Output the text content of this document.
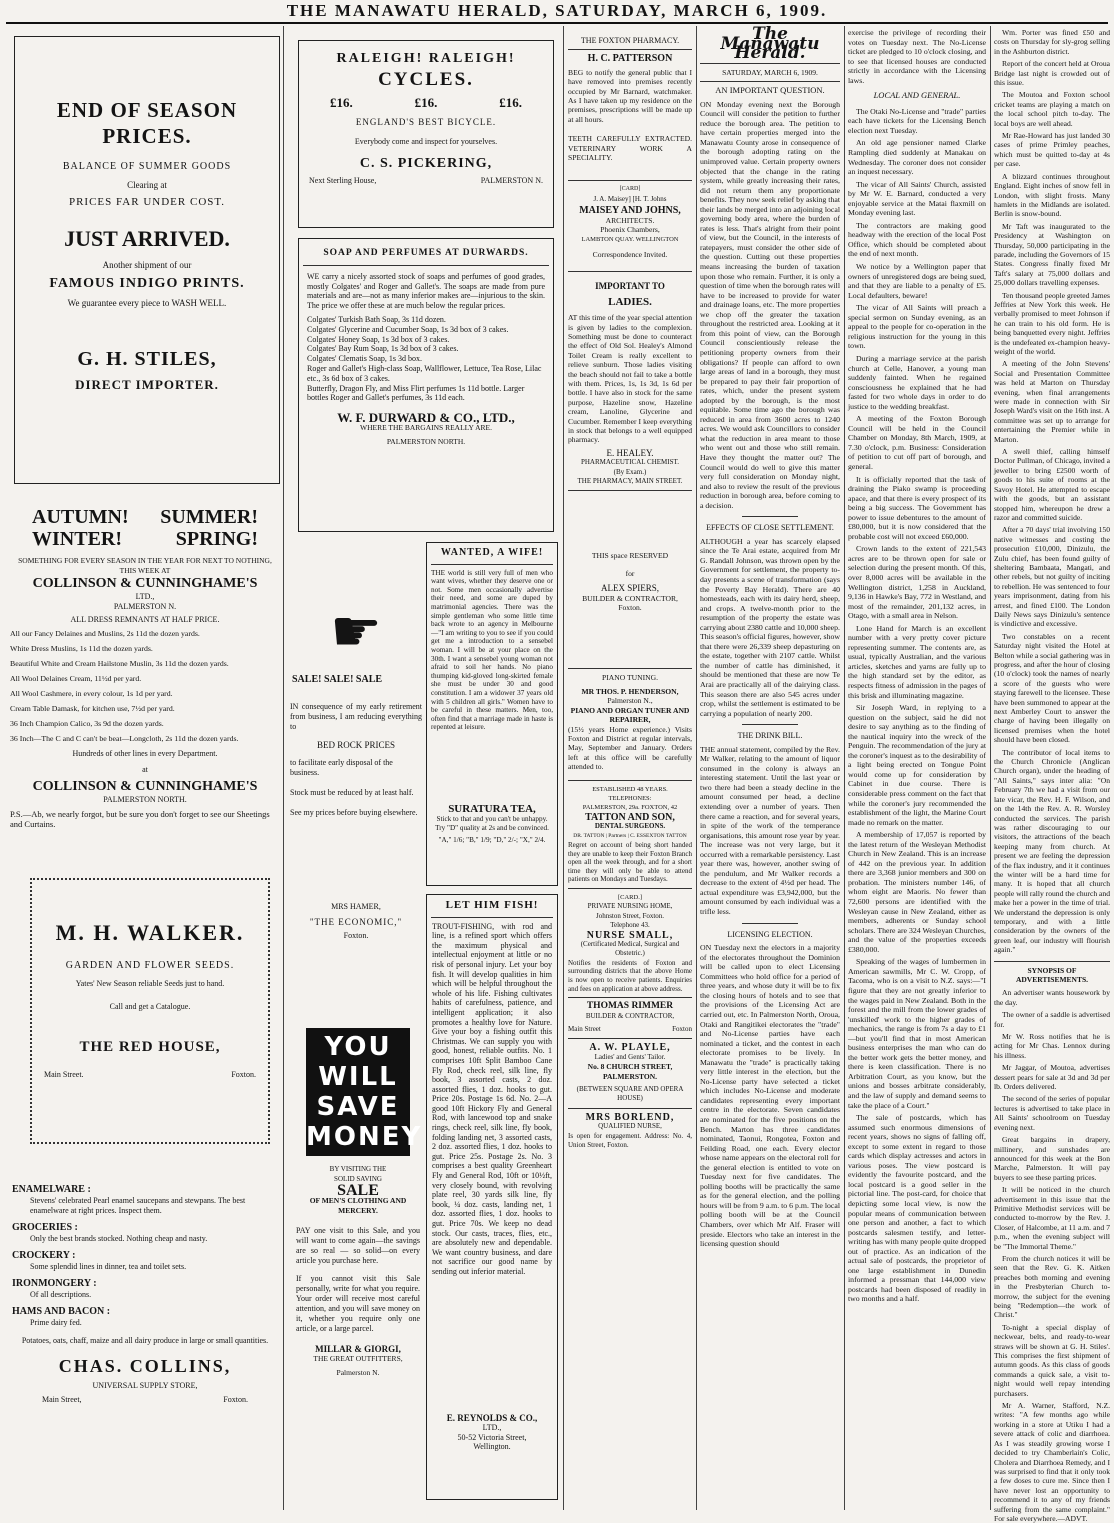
THE MANAWATU HERALD, SATURDAY, MARCH 6, 1909.
END OF SEASON PRICES.
BALANCE OF SUMMER GOODS
Clearing at
PRICES FAR UNDER COST.
JUST ARRIVED.
Another shipment of our
FAMOUS INDIGO PRINTS.
We guarantee every piece to WASH WELL.
G. H. STILES,
DIRECT IMPORTER.
AUTUMN! SUMMER!
WINTER!	SPRING!
SOMETHING FOR EVERY SEASON IN THE YEAR FOR NEXT TO NOTHING, THIS WEEK AT
COLLINSON & CUNNINGHAME'S
LTD.,
PALMERSTON N.
ALL DRESS REMNANTS AT HALF PRICE.

All our Fancy Delaines and Muslins, 2s 11d the dozen yards.

White Dress Muslins, 1s 11d the dozen yards.

Beautiful White and Cream Hailstone Muslin, 3s 11d the dozen yards.

All Wool Delaines Cream, 11½d per yard.

All Wool Cashmere, in every colour, 1s 1d per yard.

Cream Table Damask, for kitchen use, 7½d per yard.

36 Inch Champion Calico, 3s 9d the dozen yards.

36 Inch—The C and C can't be beat—Longcloth, 2s 11d the dozen yards.

Hundreds of other lines in every Department.
at
COLLINSON & CUNNINGHAME'S
PALMERSTON NORTH.
P.S.—Ab, we nearly forgot, but be sure you don't forget to see our Sheetings and Curtains.
M. H. WALKER.
GARDEN AND FLOWER SEEDS.
Yates' New Season reliable Seeds just to hand.
Call and get a Catalogue.
THE RED HOUSE,
Main Street.	Foxton.
ENAMELWARE :
Stevens' celebrated Pearl enamel saucepans and stewpans. The best enamelware at right prices. Inspect them.
GROCERIES :
Only the best brands stocked. Nothing cheap and nasty.
CROCKERY :
Some splendid lines in dinner, tea and toilet sets.
IRONMONGERY :
Of all descriptions.
HAMS AND BACON :
Prime dairy fed.
Potatoes, oats, chaff, maize and all dairy produce in large or small quantities.
CHAS. COLLINS,
UNIVERSAL SUPPLY STORE,
Main Street,	Foxton.
RALEIGH! RALEIGH!
CYCLES.
£16.	£16.	£16.
ENGLAND'S BEST BICYCLE.
Everybody come and inspect for yourselves.
C. S. PICKERING,
Next Sterling House,	PALMERSTON N.
SOAP AND PERFUMES AT DURWARDS.
WE carry a nicely assorted stock of soaps and perfumes of good grades, mostly Colgates' and Roger and Gallet's. The soaps are made from pure materials and are—not as many inferior makes are—injurious to the skin. The price we offer these at are much below the regular prices.

Colgates' Turkish Bath Soap, 3s 11d dozen.

Colgates' Glycerine and Cucumber Soap, 1s 3d box of 3 cakes.

Colgates' Honey Soap, 1s 3d box of 3 cakes.

Colgates' Bay Rum Soap, 1s 3d box of 3 cakes.

Colgates' Clematis Soap, 1s 3d box.

Roger and Gallet's High-class Soap, Wallflower, Lettuce, Tea Rose, Lilac etc., 3s 6d box of 3 cakes.

Butterfly, Dragon Fly, and Miss Flirt perfumes 1s 11d bottle. Larger bottles Roger and Gallet's perfumes, 3s 11d each.

W. F. DURWARD & CO., LTD.,
WHERE THE BARGAINS REALLY ARE.
PALMERSTON NORTH.
☛
SALE! SALE! SALE
IN consequence of my early retirement from business, I am reducing everything to
BED ROCK PRICES
to facilitate early disposal of the business.
Stock must be reduced by at least half.
See my prices before buying elsewhere.
MRS HAMER,
"THE ECONOMIC,"
Foxton.
YOU
WILL
SAVE
MONEY
BY VISITING THE
SOLID SAVING
SALE
OF MEN'S CLOTHING AND MERCERY.
PAY one visit to this Sale, and you will want to come again—the savings are so real — so solid—on every article you purchase here.
If you cannot visit this Sale personally, write for what you require. Your order will receive most careful attention, and you will save money on it, whether you require only one article, or a large parcel.
MILLAR & GIORGI,
THE GREAT OUTFITTERS,
Palmerston N.
WANTED, A WIFE!
THE world is still very full of men who want wives, whether they deserve one or not. Some men occasionally advertise their need, and some are duped by matrimonial agencies. There was the simple gentleman who some little time back wrote to an agency in Melbourne—"I am writing to you to see if you could get me a introduction to a sensebel woman. I will be at your place on the 30th. I want a sensebel young woman not afraid to soil her hands. No piano thumping kid-gloved long-skirted female she must be under 30 and good constitution. I am a widower 37 years old with 5 children all girls." Women have to be careful in these matters. Men, too, often find that a marriage made in haste is repented at leisure.
SURATURA TEA,
Stick to that and you can't be unhappy. Try "D" quality at 2s and be convinced.
"A," 1/6; "B," 1/9; "D," 2/-; "X," 2/4.
LET HIM FISH!
TROUT-FISHING, with rod and line, is a refined sport which offers the maximum physical and intellectual enjoyment at little or no risk of personal injury. Let your boy fish. It will develop qualities in him which will be helpful throughout the whole of his life. Fishing cultivates habits of carefulness, patience, and intelligent application; it also promotes a healthy love for Nature. Give your boy a fishing outfit this Christmas. We can supply you with good, honest, reliable outfits. No. 1 comprises 10ft Split Bamboo Cane Fly Rod, check reel, silk line, fly book, 3 assorted casts, 2 doz. assorted flies, 1 doz. hooks to gut. Price 20s. Postage 1s 6d. No. 2—A good 10ft Hickory Fly and General Rod, with lancewood top and snake rings, check reel, silk line, fly book, folding landing net, 3 assorted casts, 2 doz. assorted flies, 1 doz. hooks to gut. Price 25s. Postage 2s. No. 3 comprises a best quality Greenheart Fly and General Rod, 10ft or 10½ft, very closely bound, with revolving plate reel, 30 yards silk line, fly book, ¼ doz. casts, landing net, 1 doz. assorted flies, 1 doz. hooks to gut. Price 70s. We keep no dead stock. Our casts, traces, flies, etc., are absolutely new and dependable. We want country business, and dare not sacrifice our good name by sending out inferior material.
E. REYNOLDS & CO.,
LTD.,
50-52 Victoria Street,
Wellington.
THE FOXTON PHARMACY.
H. C. PATTERSON

BEG to notify the general public that I have removed into premises recently occupied by Mr Barnard, watchmaker. As I have taken up my residence on the premises, prescriptions will be made up at all hours.

TEETH CAREFULLY EXTRACTED. VETERINARY WORK A SPECIALITY.

[CARD]
J. A. Maisey] [H. T. Johns
MAISEY AND JOHNS,
ARCHITECTS.
Phoenix Chambers,
LAMBTON QUAY. WELLINGTON
Correspondence Invited.
IMPORTANT TO
LADIES.

AT this time of the year special attention is given by ladies to the complexion. Something must be done to counteract the effect of Old Sol. Healey's Almond Toilet Cream is really excellent to relieve sunburn. Those ladies visiting the beach should not fail to take a bottle with them. Prices, 1s, 1s 3d, 1s 6d per bottle. I have also in stock for the same purpose, Hazeline snow, Hazeline cream, Lanoline, Glycerine and Cucumber. Remember I keep everything in stock that belongs to a well equipped pharmacy.

E. HEALEY.
PHARMACEUTICAL CHEMIST.
(By Exam.)
THE PHARMACY, MAIN STREET.
THIS space RESERVED
for
ALEX SPIERS,
BUILDER & CONTRACTOR,
Foxton.
PIANO TUNING.
MR THOS. P. HENDERSON,
Palmerston N.,
PIANO AND ORGAN TUNER AND REPAIRER,

(15½ years Home experience.) Visits Foxton and District at regular intervals, May, September and January. Orders left at this office will be carefully attended to.

ESTABLISHED 48 YEARS.
TELEPHONES:
PALMERSTON, 29a. FOXTON, 42
TATTON AND SON,
DENTAL SURGEONS.
DR. TATTON | Partners | C. ESSEXTON TATTON

Regret on account of being short handed they are unable to keep their Foxton Branch open all the week through, and for a short time they will only be able to attend patients on Mondays and Tuesdays.

[CARD.]
PRIVATE NURSING HOME,
Johnston Street, Foxton.
Telephone 43.
NURSE SMALL,
(Certificated Medical, Surgical and Obstetric.)

Notifies the residents of Foxton and surrounding districts that the above Home is now open to receive patients. Enquiries and fees on application at above address.

THOMAS RIMMER
BUILDER & CONTRACTOR,
Main Street	Foxton
A. W. PLAYLE,
Ladies' and Gents' Tailor.
No. 8 CHURCH STREET, PALMERSTON.
(BETWEEN SQUARE AND OPERA HOUSE)
MRS BORLEND,
QUALIFIED NURSE,

Is open for engagement. Address: No. 4, Union Street, Foxton.

The Manawatu Herald.
SATURDAY, MARCH 6, 1909.
AN IMPORTANT QUESTION.

ON Monday evening next the Borough Council will consider the petition to further reduce the borough area. The petition to have certain properties merged into the Manawatu County arose in consequence of the borough adopting rating on the unimproved value. Certain property owners objected that the change in the rating system, while greatly increasing their rates, did not return them any proportionate benefits. They now seek relief by asking that their lands be merged into an adjoining local governing body area, where the burden of rates is less. That's alright from their point of view, but the Council, in the interests of ratepayers, must consider the other side of the question. Cutting out these properties means increasing the burden of taxation upon those who remain. Further, it is only a question of time when the borough rates will have to be increased to provide for water and drainage loans, etc. The more properties we chop off the greater the taxation throughout the restricted area. Looking at it from this point of view, can the Borough Council conscientiously release the petitioning property owners from their obligations? If people can afford to own large areas of land in a borough, they must be prepared to pay their fair proportion of rates, which, under the present system adopted by the borough, is the most equitable. Some time ago the borough was reduced in area from 3600 acres to 1240 acres. We would ask Councillors to consider what the reduction in area meant to those who went out and those who still remain. Have they thought the matter out? The Council would do well to give this matter very full consideration on Monday night, and also to review the result of the previous reduction in borough area, before coming to a decision.

EFFECTS OF CLOSE SETTLEMENT.

ALTHOUGH a year has scarcely elapsed since the Te Arai estate, acquired from Mr G. Randall Johnson, was thrown open by the Government for settlement, the property to-day presents a scene of transformation (says the Poverty Bay Herald). There are 40 homesteads, each with its dairy herd, sheep, and crops. A twelve-month prior to the resumption of the property the estate was carrying about 2380 cattle and 10,000 sheep. This season's official figures, however, show that there were 26,339 sheep depasturing on the estate, together with 2107 cattle. Whilst the number of cattle has diminished, it should be mentioned that these are now Te Arai are practically all of the dairying class. This season there are also 545 acres under crop, whilst the settlement is estimated to be carrying a population of nearly 200.

THE DRINK BILL.

THE annual statement, compiled by the Rev. Mr Walker, relating to the amount of liquor consumed in the colony is always an interesting statement. Until the last year or two there had been a steady decline in the amount consumed per head, a decline extending over a number of years. Then there came a reaction, and for several years, in spite of the work of the temperance organisations, this amount rose year by year. The increase was not very large, but it occurred with a remarkable persistency. Last year there was, however, another swing of the pendulum, and Mr Walker records a decrease to the extent of 4½d per head. The actual expenditure was £3,942,000, but the amount consumed by each individual was a trifle less.

LICENSING ELECTION.

ON Tuesday next the electors in a majority of the electorates throughout the Dominion will be called upon to elect Licensing Committees who hold office for a period of three years, and whose duty it will be to fix the closing hours of hotels and to see that the provisions of the Licensing Act are carried out, etc. In Palmerston North, Oroua, Otaki and Rangitikei electorates the "trade" and No-License parties have each nominated a ticket, and the contest in each electorate promises to be lively. In Manawatu the "trade" is practically taking very little interest in the election, but the No-License party have selected a ticket which includes No-License and moderate candidates representing every important centre in the electorate. Seven candidates are nominated for the five positions on the Bench. Marton has three candidates nominated, Taonui, Rongotea, Foxton and Feilding Road, one each. Every elector whose name appears on the electoral roll for the general election is entitled to vote on Tuesday next for five candidates. The polling booths will be practically the same as for the general election, and the polling hours will be from 9 a.m. to 6 p.m. The local polling booth will be at the Council Chambers, over which Mr Alf. Fraser will preside. Electors who take an interest in the licensing question should

exercise the privilege of recording their votes on Tuesday next. The No-License ticket are pledged to 10 o'clock closing, and to see that licensed houses are conducted strictly in accordance with the Licensing laws.

LOCAL AND GENERAL.

The Otaki No-License and "trade" parties each have tickets for the Licensing Bench election next Tuesday.

An old age pensioner named Clarke Rampling died suddenly at Manakau on Wednesday. The coroner does not consider an inquest necessary.

The vicar of All Saints' Church, assisted by Mr W. E. Barnard, conducted a very enjoyable service at the Matai flaxmill on Monday evening last.

The contractors are making good headway with the erection of the local Post Office, which should be completed about the end of next month.

We notice by a Wellington paper that owners of unregistered dogs are being sued, and that they are liable to a penalty of £5. Local defaulters, beware!

The vicar of All Saints will preach a special sermon on Sunday evening, as an appeal to the people for co-operation in the religious instruction for the young in this town.

During a marriage service at the parish church at Celle, Hanover, a young man suddenly fainted. When he regained consciousness he explained that he had fasted for two whole days in order to do justice to the wedding breakfast.

A meeting of the Foxton Borough Council will be held in the Council Chamber on Monday, 8th March, 1909, at 7.30 o'clock, p.m. Business: Consideration of petition to cut off part of borough, and general.

It is officially reported that the task of draining the Piako swamp is proceeding apace, and that there is every prospect of its being a big success. The Government has power to issue debentures to the amount of £80,000, but it is now considered that the probable cost will not exceed £60,000.

Crown lands to the extent of 221,543 acres are to be thrown open for sale or selection during the present month. Of this, over 8,000 acres will be available in the Wellington district, 1,258 in Auckland, 9,136 in Hawke's Bay, 772 in Westland, and most of the remainder, 201,132 acres, in Otago, with a small area in Nelson.

Lone Hand for March is an excellent number with a very pretty cover picture representing summer. The contents are, as usual, typically Australian, and the various articles, sketches and yarns are fully up to the high standard set by the editor, as respects fitness of admission in the pages of this brisk and illuminating magazine.

Sir Joseph Ward, in replying to a question on the subject, said he did not desire to say anything as to the finding of the nautical inquiry into the wreck of the Penguin. The recommendation of the jury at the coroner's inquest as to the desirability of a light being erected on Tongue Point would come up for consideration by Cabinet in due course. There is considerable press comment on the fact that while the coroner's jury recommended the establishment of the light, the Marine Court made no remark on the matter.

A membership of 17,057 is reported by the latest return of the Wesleyan Methodist Church in New Zealand. This is an increase of 442 on the previous year. In addition there are 3,368 junior members and 300 on probation. The ministers number 146, of whom eight are Maoris. No fewer than 72,600 persons are identified with the Wesleyan cause in New Zealand, either as members, adherents or Sunday school scholars. There are 324 Wesleyan Churches, and the value of the properties exceeds £380,000.

Speaking of the wages of lumbermen in American sawmills, Mr C. W. Cropp, of Tacoma, who is on a visit to N.Z. says:—"I figure that they are not greatly inferior to the wages paid in New Zealand. Both in the forest and the mill from the lower grades of 'unskilled' work to the higher grades of mechanics, the range is from 7s a day to £1—but you'll find that in most American business enterprises the man who can do the better work gets the better money, and there is keen classification. There is no Arbitration Court, as you know, but the unions and bosses arbitrate considerably, and the law of supply and demand seems to take the place of a Court."

The sale of postcards, which has assumed such enormous dimensions of recent years, shows no signs of falling off, except to some extent in regard to those cards which display actresses and actors in various poses. The view postcard is evidently the favourite postcard, and the local postcard is a good seller in the pictorial line. The post-card, for choice that depicting some local view, is now the popular means of communication between one person and another, a fact to which postcards salesmen testify, and letter-writing has with many people quite dropped out of practice. As an indication of the actual sale of postcards, the proprietor of one large establishment in Dunedin informed a pressman that 144,000 view postcards had been disposed of readily in two months and a half.

Wm. Porter was fined £50 and costs on Thursday for sly-grog selling in the Ashburton district.

Report of the concert held at Oroua Bridge last night is crowded out of this issue.

The Moutoa and Foxton school cricket teams are playing a match on the local school pitch to-day. The local boys are well ahead.

Mr Rae-Howard has just landed 30 cases of prime Primley peaches, which must be quitted to-day at 4s per case.

A blizzard continues throughout England. Eight inches of snow fell in London, with slight frosts. Many hamlets in the Midlands are isolated. Berlin is snow-bound.

Mr Taft was inaugurated to the Presidency at Washington on Thursday, 50,000 participating in the parade, including the Governors of 15 States. Congress finally fixed Mr Taft's salary at 75,000 dollars and 25,000 dollars travelling expenses.

Ten thousand people greeted James Jeffries at New York this week. He verbally promised to meet Johnson if he can train to his old form. He is being banquetted every night. Jeffries is the undefeated ex-champion heavy-weight of the world.

A meeting of the John Stevens' Social and Presentation Committee was held at Marton on Thursday evening, when final arrangements were made in connection with Sir Joseph Ward's visit on the 16th inst. A committee was set up to arrange for entertaining the Premier while in Marton.

A swell thief, calling himself Doctor Pullman, of Chicago, invited a jeweller to bring £2500 worth of goods to his suite of rooms at the Savoy Hotel. He attempted to escape with the goods, but an assistant stopped him, whereupon he drew a razor and committed suicide.

After a 70 days' trial involving 150 native witnesses and costing the prosecution £10,000, Dinizulu, the Zulu chief, has been found guilty of sheltering Bambaata, Mangati, and other rebels, but not guilty of inciting to rebellion. He was sentenced to four years imprisonment, dating from his arrest, and fined £100. The London Daily News says Dinizulu's sentence is vindictive and excessive.

Two constables on a recent Saturday night visited the Hotel at Belton while a social gathering was in progress, and after the hour of closing (10 o'clock) took the names of nearly a score of the guests who were staying farewell to the licensee. These have been summoned to appear at the next Amberley Court to answer the charge of having been illegally on licensed premises when the hotel should have been closed.

The contributor of local items to the Church Chronicle (Anglican Church organ), under the heading of "All Saints," says inter alia: "On February 7th we had a visit from our late vicar, the Rev. H. F. Wilson, and on the 14th the Rev. A. R. Worsley conducted the services. The parish was rather discouraging to our visitors, the attractions of the beach keeping many from church. At present we are feeling the depression of the flax industry, and it it continues the winter will be a hard time for many. It is hoped that all church people will rally round the church and make her a power in the time of trial. We understand the depression is only temporary, and with a little consideration by the owners of the green leaf, our industry will flourish again."

SYNOPSIS OF ADVERTISEMENTS.

An advertiser wants housework by the day.

The owner of a saddle is advertised for.

Mr W. Ross notifies that he is acting for Mr Chas. Lennox during his illness.

Mr Jaggar, of Moutoa, advertises dessert pears for sale at 3d and 3d per lb. Orders delivered.

The second of the series of popular lectures is advertised to take place in All Saints' schoolroom on Tuesday evening next.

Great bargains in drapery, millinery, and sunshades are announced for this week at the Bon Marche, Palmerston. It will pay buyers to see these parting prices.

It will be noticed in the church advertisement in this issue that the Primitive Methodist services will be conducted to-morrow by the Rev. J. Closer, of Halcombe, at 11 a.m. and 7 p.m., when the evening subject will be "The Immortal Theme."

From the church notices it will be seen that the Rev. G. K. Aitken preaches both morning and evening in the Presbyterian Church to-morrow, the subject for the evening being "Redemption—the work of Christ."

To-night a special display of neckwear, belts, and ready-to-wear straws will be shown at G. H. Stiles'. This comprises the first shipment of autumn goods. As this class of goods commands a quick sale, a visit to-night would well repay intending purchasers.

Mr A. Warner, Stafford, N.Z. writes: "A few months ago while working in a store at Utiku I had a severe attack of colic and diarrhoea. As I was steadily growing worse I decided to try Chamberlain's Colic, Cholera and Diarrhoea Remedy, and I was surprised to find that it only took a few doses to cure me. Since then I have never lost an opportunity to recommend it to any of my friends suffering from the same complaint." For sale everywhere.—ADVT.
